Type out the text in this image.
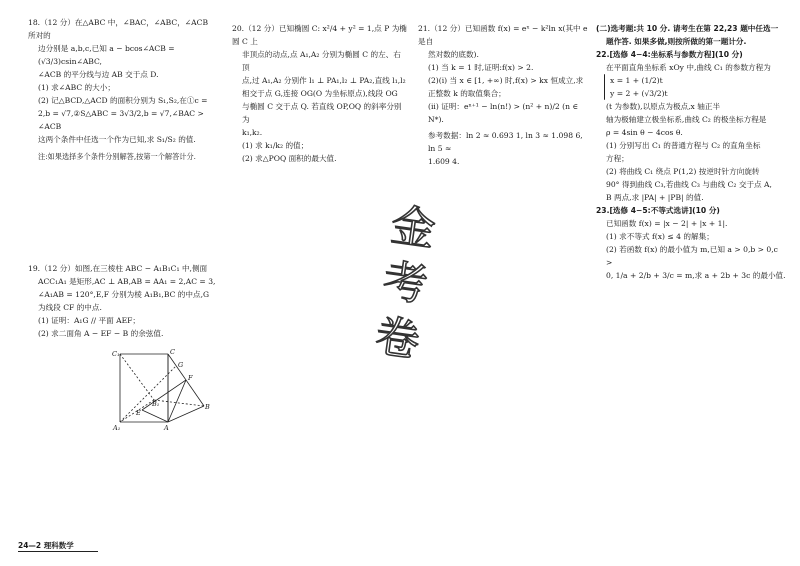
18.（12 分）在△ABC 中，∠BAC，∠ABC，∠ACB 所对的

边分别是 a,b,c,已知 a − bcos∠ACB = (√3/3)csin∠ABC,

∠ACB 的平分线与边 AB 交于点 D.

(1) 求∠ABC 的大小；

(2) 记△BCD,△ACD 的面积分别为 S₁,S₂,在①c =

2,b = √7,②S△ABC = 3√3/2,b = √7,∠BAC > ∠ACB

这两个条件中任选一个作为已知,求 S₁/S₂ 的值.

注:如果选择多个条件分别解答,按第一个解答计分.

19.（12 分）如图,在三棱柱 ABC − A₁B₁C₁ 中,侧面

ACC₁A₁ 是矩形,AC ⊥ AB,AB = AA₁ = 2,AC = 3,

∠A₁AB = 120°,E,F 分别为棱 A₁B₁,BC 的中点,G

为线段 CF 的中点.

(1) 证明：A₁G // 平面 AEF；

(2) 求二面角 A − EF − B 的余弦值.

C₁	C
F
G
B₁
E
A₁	A
B

20.（12 分）已知椭圆 C: x²/4 + y² = 1,点 P 为椭圆 C 上

非顶点的动点,点 A₁,A₂ 分别为椭圆 C 的左、右顶

点,过 A₁,A₂ 分别作 l₁ ⊥ PA₁,l₂ ⊥ PA₂,直线 l₁,l₂

相交于点 G,连接 OG(O 为坐标原点),线段 OG

与椭圆 C 交于点 Q. 若直线 OP,OQ 的斜率分别为

k₁,k₂.

(1) 求 k₁/k₂ 的值；

(2) 求△POQ 面积的最大值.

21.（12 分）已知函数 f(x) = eˣ − k²ln x(其中 e 是自

然对数的底数).

(1) 当 k = 1 时,证明:f(x) > 2.

(2)(i) 当 x ∈ [1, +∞) 时,f(x) > kx 恒成立,求

正整数 k 的取值集合；

(ii) 证明：eⁿ⁺¹ − ln(n!) > (n² + n)/2 (n ∈ N*).

参考数据：ln 2 ≈ 0.693 1, ln 3 ≈ 1.098 6, ln 5 ≈

1.609 4.

(二)选考题:共 10 分. 请考生在第 22,23 题中任选一

题作答. 如果多做,则按所做的第一题计分.

22.[选修 4−4:坐标系与参数方程](10 分)

在平面直角坐标系 xOy 中,曲线 C₁ 的参数方程为

x = 1 + (1/2)t

y = 2 + (√3/2)t

(t 为参数),以原点为极点,x 轴正半

轴为极轴建立极坐标系,曲线 C₂ 的极坐标方程是

ρ = 4sin θ − 4cos θ.

(1) 分别写出 C₁ 的普通方程与 C₂ 的直角坐标

方程；

(2) 将曲线 C₁ 绕点 P(1,2) 按逆时针方向旋转

90° 得到曲线 C₃,若曲线 C₃ 与曲线 C₂ 交于点 A,

B 两点,求 |PA| + |PB| 的值.

23.[选修 4−5:不等式选讲](10 分)

已知函数 f(x) = |x − 2| + |x + 1|.

(1) 求不等式 f(x) ≤ 4 的解集；

(2) 若函数 f(x) 的最小值为 m,已知 a > 0,b > 0,c >

0, 1/a + 2/b + 3/c = m,求 a + 2b + 3c 的最小值.

金
考
卷
24—2 理科数学
